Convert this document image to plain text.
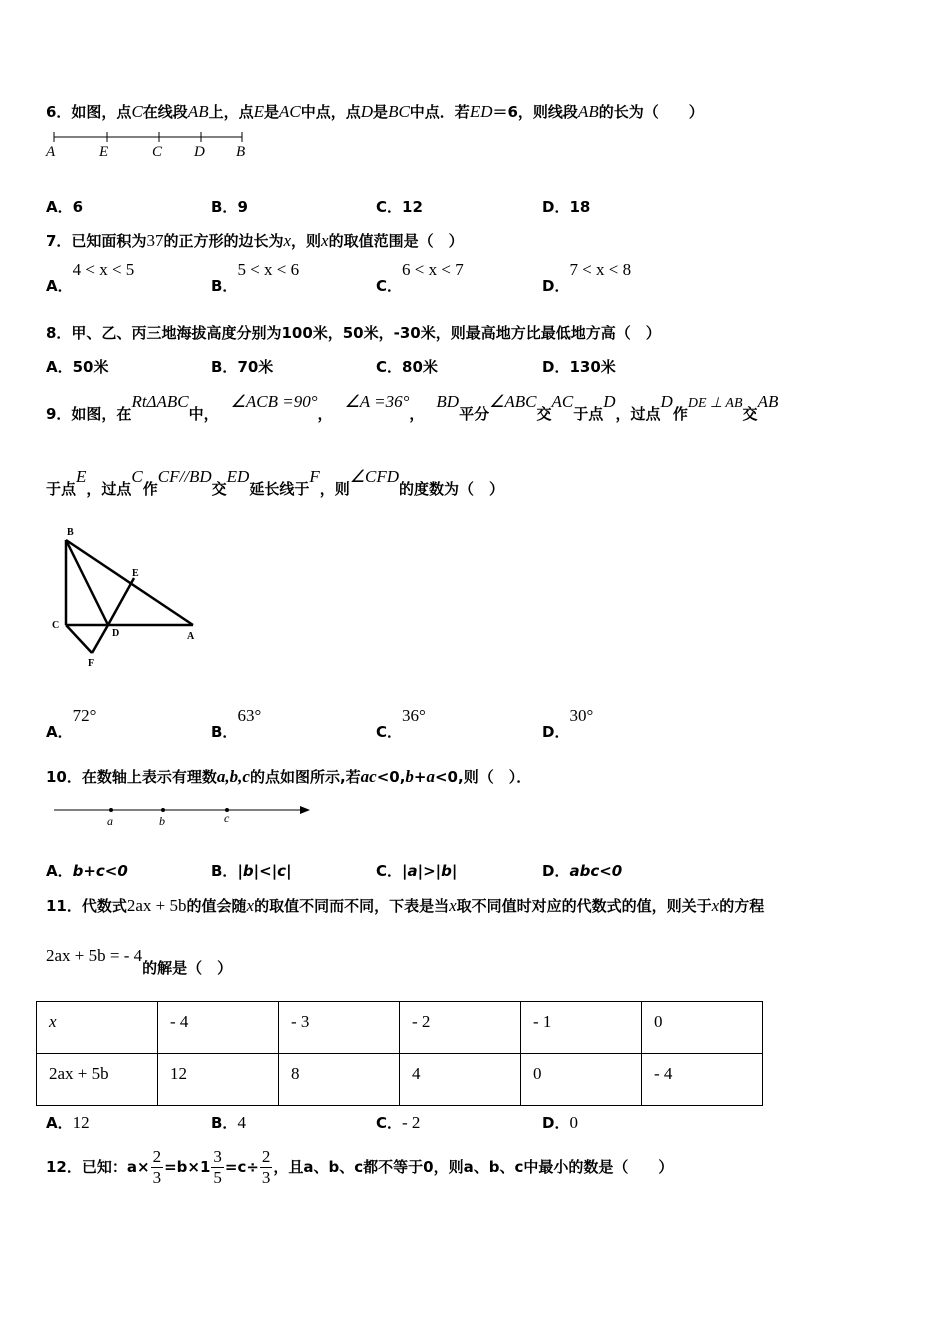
6．如图，点C在线段AB上，点E是AC中点，点D是BC中点．若ED＝6，则线段AB的长为（　　）
A	E	C D B
A．6	B．9	C．12	D．18
7．已知面积为37的正方形的边长为x，则x的取值范围是（　）
A．4 < x < 5
B．5 < x < 6
C．6 < x < 7
D．7 < x < 8
8．甲、乙、丙三地海拔高度分别为100米，50米，-30米，则最高地方比最低地方高（　）
A．50米	B．70米	C．80米	D．130米
9．如图，在RtΔABC中，∠ACB =90°，∠A =36°，BD平分∠ABC交AC于点D，过点D作DE ⊥ AB交AB
于点E，过点C作CF//BD交ED延长线于F，则∠CFD的度数为（　）
B
E
C
D	A
F
A．72°
B．63°
C．36°
D．30°
10．在数轴上表示有理数a,b,c的点如图所示,若ac<0,b+a<0,则（　）．
a	b	c
A．b+c<0	B．|b|<|c|	C．|a|>|b|	D．abc<0
11．代数式2ax + 5b的值会随x的取值不同而不同，下表是当x取不同值时对应的代数式的值，则关于x的方程
2ax + 5b = - 4的解是（　）
x	- 4	- 3	- 2	- 1	0
2ax + 5b	12	8	4	0	- 4
A．12	B．4	C．- 2	D．0
12．已知：$a\times \frac{2}{3} =b\times 1 \frac{3}{5} =c\div \frac{2}{3}$ ，且a、b、c都不等于0，则a、b、c中最小的数是（　　）
